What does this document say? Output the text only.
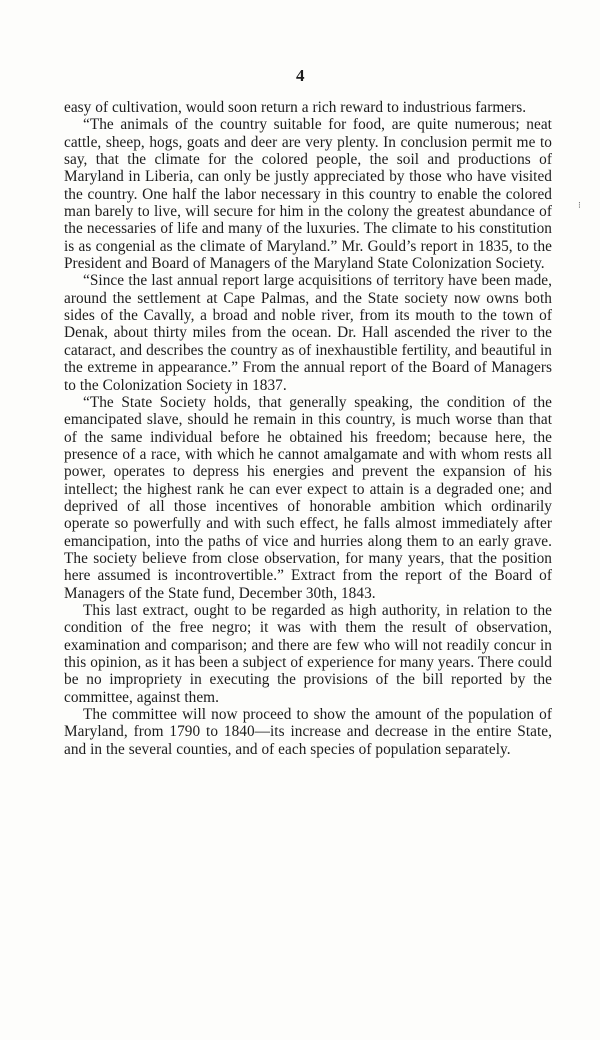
4
⁝

easy of cultivation, would soon return a rich reward to industrious farmers.

“The animals of the country suitable for food, are quite numerous; neat cattle, sheep, hogs, goats and deer are very plenty. In conclusion permit me to say, that the climate for the colored people, the soil and productions of Maryland in Liberia, can only be justly appreciated by those who have visited the country. One half the labor necessary in this country to enable the colored man barely to live, will secure for him in the colony the greatest abundance of the necessaries of life and many of the luxuries. The climate to his constitution is as congenial as the climate of Maryland.” Mr. Gould’s report in 1835, to the President and Board of Managers of the Maryland State Colonization Society.

“Since the last annual report large acquisitions of territory have been made, around the settlement at Cape Palmas, and the State society now owns both sides of the Cavally, a broad and noble river, from its mouth to the town of Denak, about thirty miles from the ocean. Dr. Hall ascended the river to the cataract, and describes the country as of inexhaustible fertility, and beautiful in the extreme in appearance.” From the annual report of the Board of Managers to the Colonization Society in 1837.

“The State Society holds, that generally speaking, the condition of the emancipated slave, should he remain in this country, is much worse than that of the same individual before he obtained his freedom; because here, the presence of a race, with which he cannot amalgamate and with whom rests all power, operates to depress his energies and prevent the expansion of his intellect; the highest rank he can ever expect to attain is a degraded one; and deprived of all those incentives of honorable ambition which ordinarily operate so powerfully and with such effect, he falls almost immediately after emancipation, into the paths of vice and hurries along them to an early grave. The society believe from close observation, for many years, that the position here assumed is incontrovertible.” Extract from the report of the Board of Managers of the State fund, December 30th, 1843.

This last extract, ought to be regarded as high authority, in relation to the condition of the free negro; it was with them the result of observation, examination and comparison; and there are few who will not readily concur in this opinion, as it has been a subject of experience for many years. There could be no impropriety in executing the provisions of the bill reported by the committee, against them.

The committee will now proceed to show the amount of the population of Maryland, from 1790 to 1840—its increase and decrease in the entire State, and in the several counties, and of each species of population separately.
